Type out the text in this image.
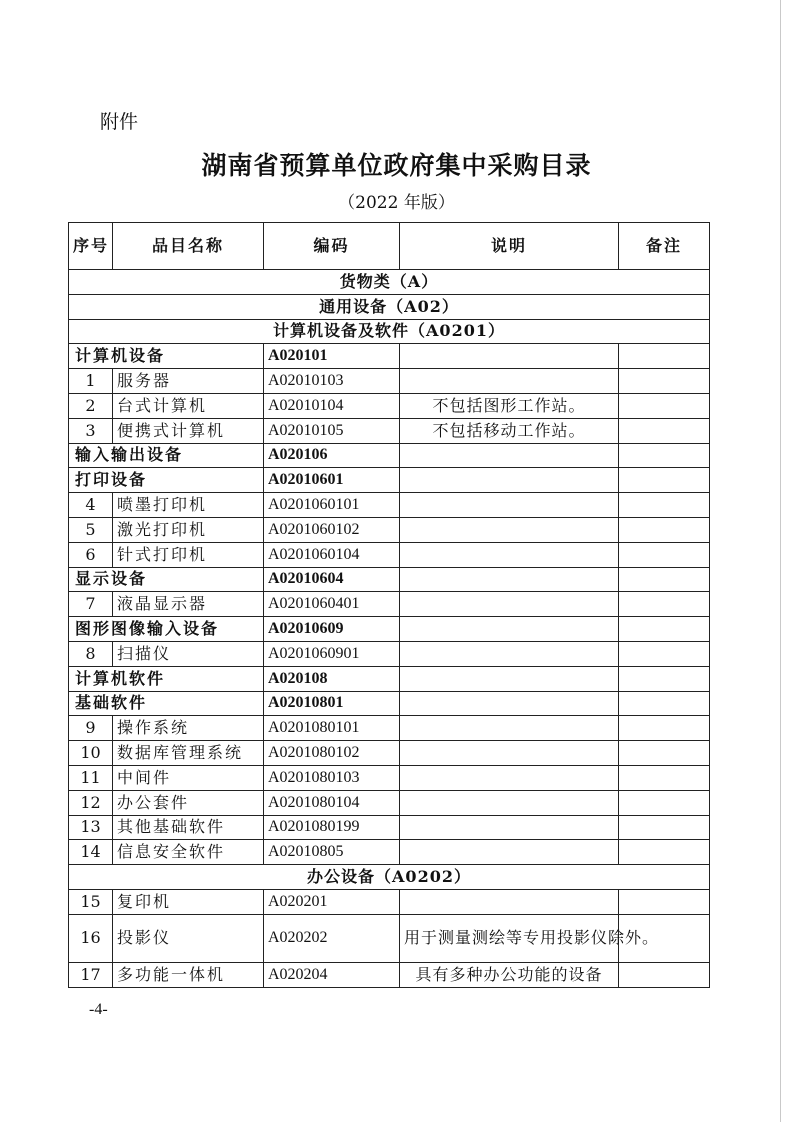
附件
湖南省预算单位政府集中采购目录
（2022 年版）
序号	品目名称	编码	说明	备注
货物类（A）				
通用设备（A02）				
计算机设备及软件（A0201）				
计算机设备		A020101		
1	服务器	A02010103		
2	台式计算机	A02010104	不包括图形工作站。	
3	便携式计算机	A02010105	不包括移动工作站。	
输入输出设备		A020106		
打印设备		A02010601		
4	喷墨打印机	A0201060101		
5	激光打印机	A0201060102		
6	针式打印机	A0201060104		
显示设备		A02010604		
7	液晶显示器	A0201060401		
图形图像输入设备		A02010609		
8	扫描仪	A0201060901		
计算机软件		A020108		
基础软件		A02010801		
9	操作系统	A0201080101		
10	数据库管理系统	A0201080102		
11	中间件	A0201080103		
12	办公套件	A0201080104		
13	其他基础软件	A0201080199		
14	信息安全软件	A02010805		
办公设备（A0202）				
15	复印机	A020201		
16	投影仪	A020202	用于测量测绘等专用投影仪除外。	
17	多功能一体机	A020204	具有多种办公功能的设备	
-4-
